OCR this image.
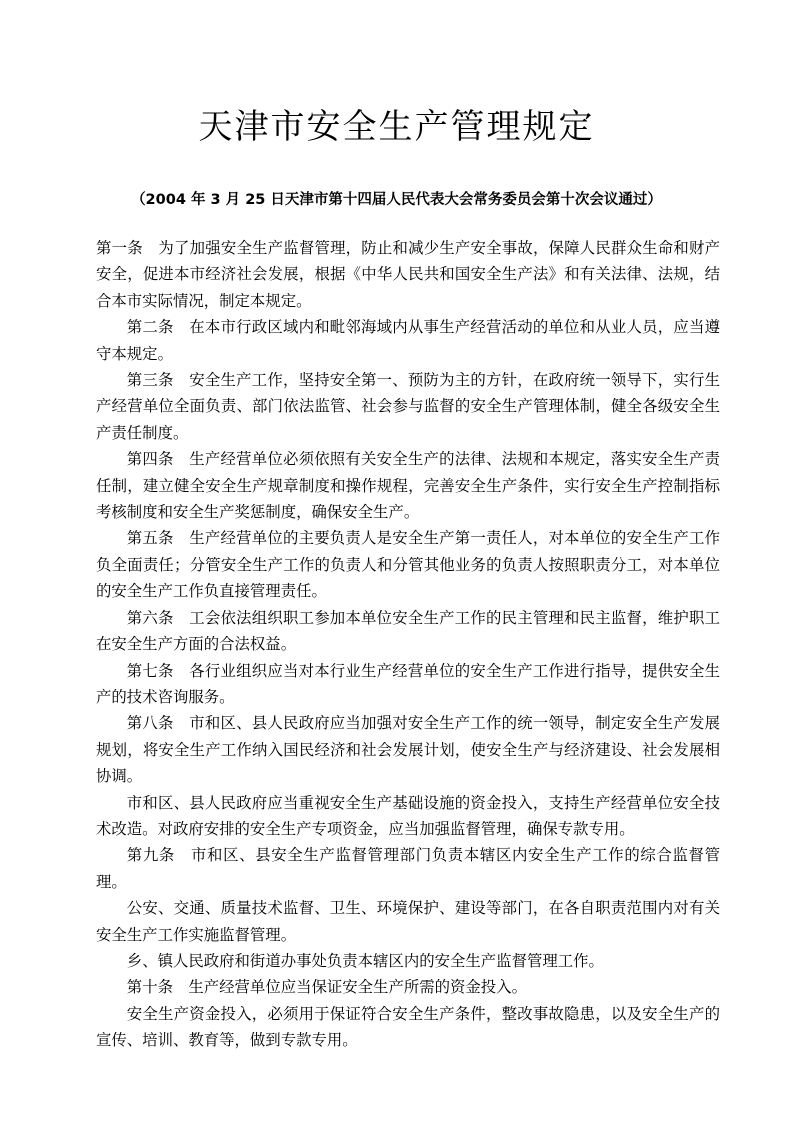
天津市安全生产管理规定

（2004 年 3 月 25 日天津市第十四届人民代表大会常务委员会第十次会议通过）

第一条　为了加强安全生产监督管理，防止和减少生产安全事故，保障人民群众生命和财产安全，促进本市经济社会发展，根据《中华人民共和国安全生产法》和有关法律、法规，结合本市实际情况，制定本规定。

第二条　在本市行政区域内和毗邻海域内从事生产经营活动的单位和从业人员，应当遵守本规定。

第三条　安全生产工作，坚持安全第一、预防为主的方针，在政府统一领导下，实行生产经营单位全面负责、部门依法监管、社会参与监督的安全生产管理体制，健全各级安全生产责任制度。

第四条　生产经营单位必须依照有关安全生产的法律、法规和本规定，落实安全生产责任制，建立健全安全生产规章制度和操作规程，完善安全生产条件，实行安全生产控制指标考核制度和安全生产奖惩制度，确保安全生产。

第五条　生产经营单位的主要负责人是安全生产第一责任人，对本单位的安全生产工作负全面责任；分管安全生产工作的负责人和分管其他业务的负责人按照职责分工，对本单位的安全生产工作负直接管理责任。

第六条　工会依法组织职工参加本单位安全生产工作的民主管理和民主监督，维护职工在安全生产方面的合法权益。

第七条　各行业组织应当对本行业生产经营单位的安全生产工作进行指导，提供安全生产的技术咨询服务。

第八条　市和区、县人民政府应当加强对安全生产工作的统一领导，制定安全生产发展规划，将安全生产工作纳入国民经济和社会发展计划，使安全生产与经济建设、社会发展相协调。

市和区、县人民政府应当重视安全生产基础设施的资金投入，支持生产经营单位安全技术改造。对政府安排的安全生产专项资金，应当加强监督管理，确保专款专用。

第九条　市和区、县安全生产监督管理部门负责本辖区内安全生产工作的综合监督管理。

公安、交通、质量技术监督、卫生、环境保护、建设等部门，在各自职责范围内对有关安全生产工作实施监督管理。

乡、镇人民政府和街道办事处负责本辖区内的安全生产监督管理工作。

第十条　生产经营单位应当保证安全生产所需的资金投入。

安全生产资金投入，必须用于保证符合安全生产条件，整改事故隐患，以及安全生产的宣传、培训、教育等，做到专款专用。
